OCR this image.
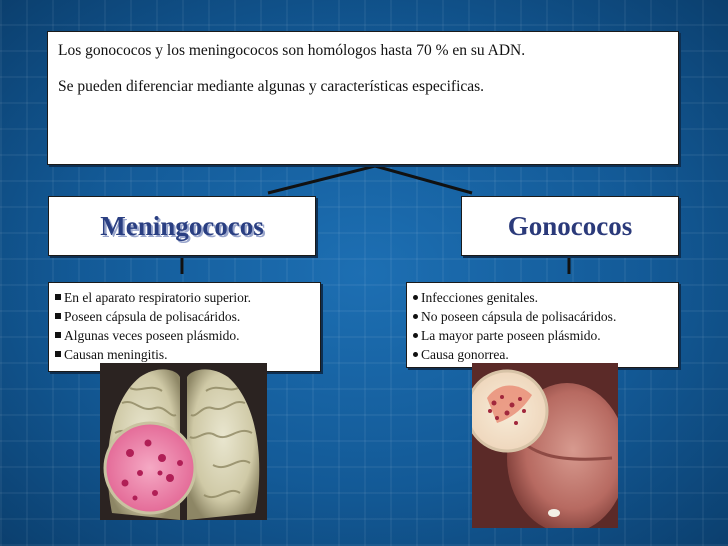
Los gonococos y los meningococos son homólogos hasta 70 % en su ADN.

Se pueden diferenciar mediante algunas y características especificas.

Meningococos	Gonococos
En el aparato respiratorio superior.
Poseen cápsula de polisacáridos.
Algunas veces poseen plásmido.
Causan meningitis.
Infecciones genitales.
No poseen cápsula de polisacáridos.
La mayor parte poseen plásmido.
Causa gonorrea.
